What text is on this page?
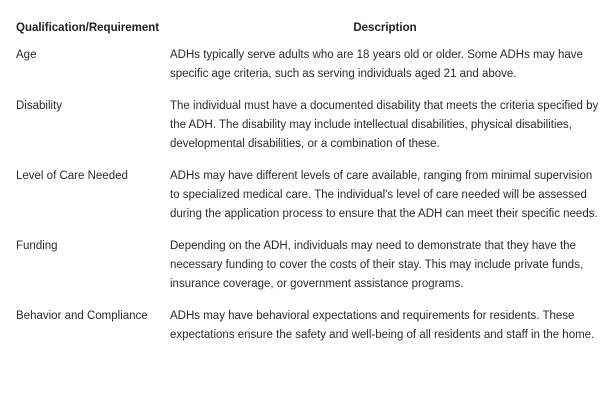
Qualification/Requirement	Description
Age	ADHs typically serve adults who are 18 years old or older. Some ADHs may have specific age criteria, such as serving individuals aged 21 and above.
Disability	The individual must have a documented disability that meets the criteria specified by the ADH. The disability may include intellectual disabilities, physical disabilities, developmental disabilities, or a combination of these.
Level of Care Needed	ADHs may have different levels of care available, ranging from minimal supervision to specialized medical care. The individual's level of care needed will be assessed during the application process to ensure that the ADH can meet their specific needs.
Funding	Depending on the ADH, individuals may need to demonstrate that they have the necessary funding to cover the costs of their stay. This may include private funds, insurance coverage, or government assistance programs.
Behavior and Compliance	ADHs may have behavioral expectations and requirements for residents. These expectations ensure the safety and well-being of all residents and staff in the home.
